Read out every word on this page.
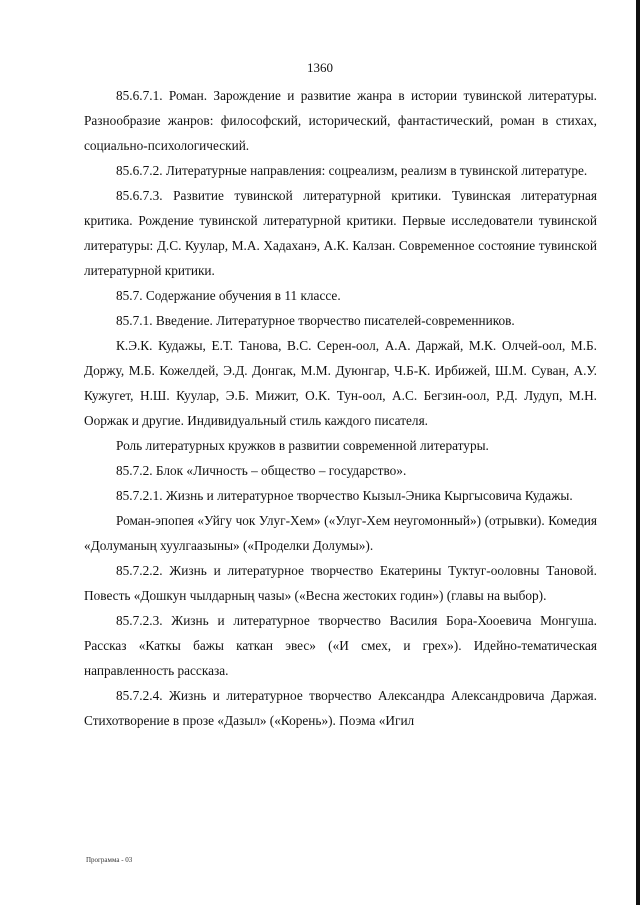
1360

85.6.7.1. Роман. Зарождение и развитие жанра в истории тувинской литературы. Разнообразие жанров: философский, исторический, фантастический, роман в стихах, социально-психологический.

85.6.7.2. Литературные направления: соцреализм, реализм в тувинской литературе.

85.6.7.3. Развитие тувинской литературной критики. Тувинская литературная критика. Рождение тувинской литературной критики. Первые исследователи тувинской литературы: Д.С. Куулар, М.А. Хадаханэ, А.К. Калзан. Современное состояние тувинской литературной критики.

85.7. Содержание обучения в 11 классе.

85.7.1. Введение. Литературное творчество писателей-современников.

К.Э.К. Кудажы, Е.Т. Танова, В.С. Серен-оол, А.А. Даржай, М.К. Олчей-оол, М.Б. Доржу, М.Б. Кожелдей, Э.Д. Донгак, М.М. Дуюнгар, Ч.Б-К. Ирбижей, Ш.М. Суван, А.У. Кужугет, Н.Ш. Куулар, Э.Б. Мижит, О.К. Тун-оол, А.С. Бегзин-оол, Р.Д. Лудуп, М.Н. Ооржак и другие. Индивидуальный стиль каждого писателя.

Роль литературных кружков в развитии современной литературы.

85.7.2. Блок «Личность – общество – государство».

85.7.2.1. Жизнь и литературное творчество Кызыл-Эника Кыргысовича Кудажы.

Роман-эпопея «Уйгу чок Улуг-Хем» («Улуг-Хем неугомонный») (отрывки). Комедия «Долуманың хуулгаазыны» («Проделки Долумы»).

85.7.2.2. Жизнь и литературное творчество Екатерины Туктуг-ооловны Тановой. Повесть «Дошкун чылдарның чазы» («Весна жестоких годин») (главы на выбор).

85.7.2.3. Жизнь и литературное творчество Василия Бора-Хооевича Монгуша. Рассказ «Каткы бажы каткан эвес» («И смех, и грех»). Идейно-тематическая направленность рассказа.

85.7.2.4. Жизнь и литературное творчество Александра Александровича Даржая. Стихотворение в прозе «Дазыл» («Корень»). Поэма «Игил

Программа - 03
